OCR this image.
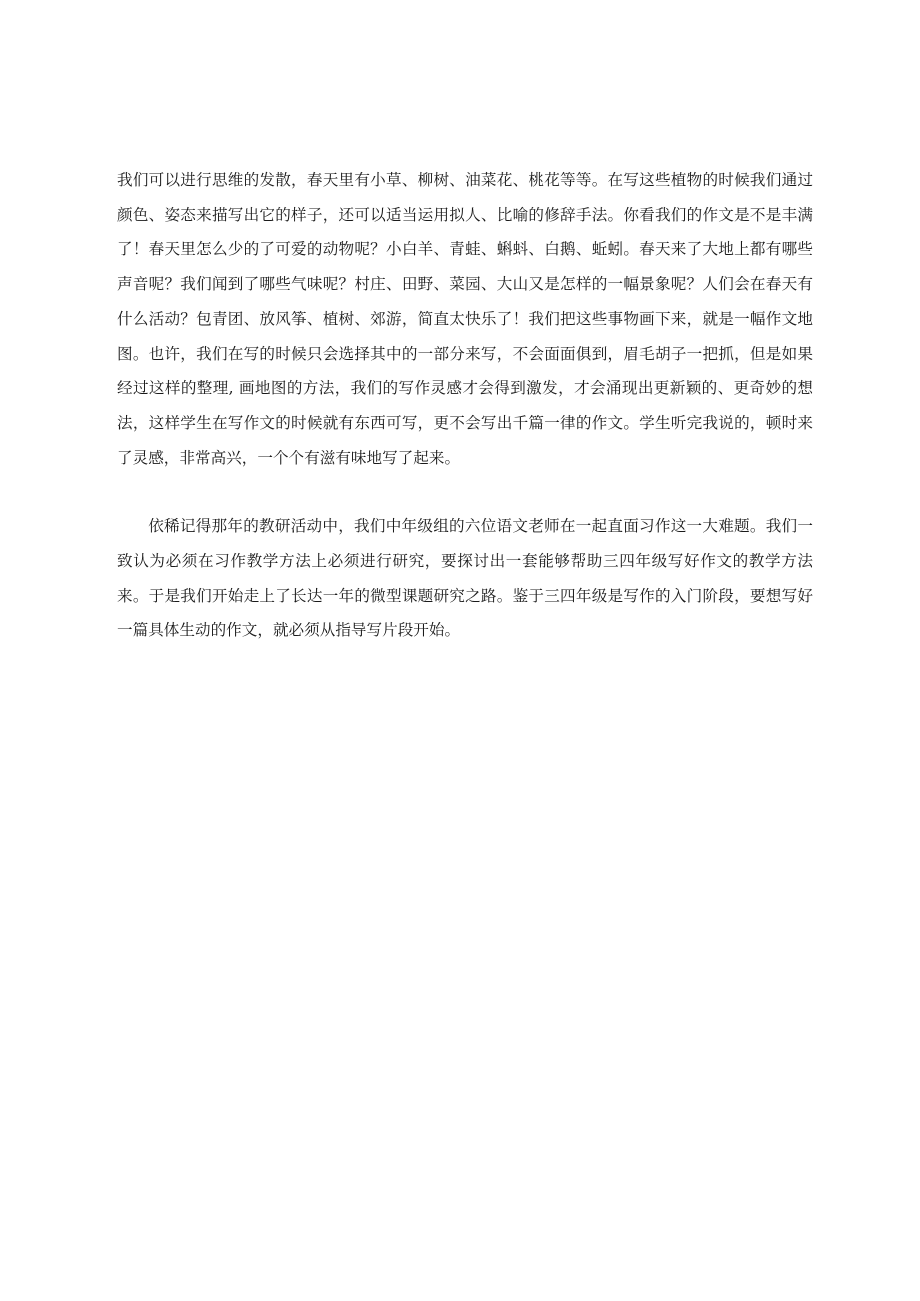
我们可以进行思维的发散，春天里有小草、柳树、油菜花、桃花等等。在写这些植物的时候我们通过颜色、姿态来描写出它的样子，还可以适当运用拟人、比喻的修辞手法。你看我们的作文是不是丰满了！春天里怎么少的了可爱的动物呢？小白羊、青蛙、蝌蚪、白鹅、蚯蚓。春天来了大地上都有哪些声音呢？我们闻到了哪些气味呢？村庄、田野、菜园、大山又是怎样的一幅景象呢？人们会在春天有什么活动？包青团、放风筝、植树、郊游，简直太快乐了！我们把这些事物画下来，就是一幅作文地图。也许，我们在写的时候只会选择其中的一部分来写，不会面面俱到，眉毛胡子一把抓，但是如果经过这样的整理, 画地图的方法，我们的写作灵感才会得到激发，才会涌现出更新颖的、更奇妙的想法，这样学生在写作文的时候就有东西可写，更不会写出千篇一律的作文。学生听完我说的，顿时来了灵感，非常高兴，一个个有滋有味地写了起来。

依稀记得那年的教研活动中，我们中年级组的六位语文老师在一起直面习作这一大难题。我们一致认为必须在习作教学方法上必须进行研究，要探讨出一套能够帮助三四年级写好作文的教学方法来。于是我们开始走上了长达一年的微型课题研究之路。鉴于三四年级是写作的入门阶段，要想写好一篇具体生动的作文，就必须从指导写片段开始。
